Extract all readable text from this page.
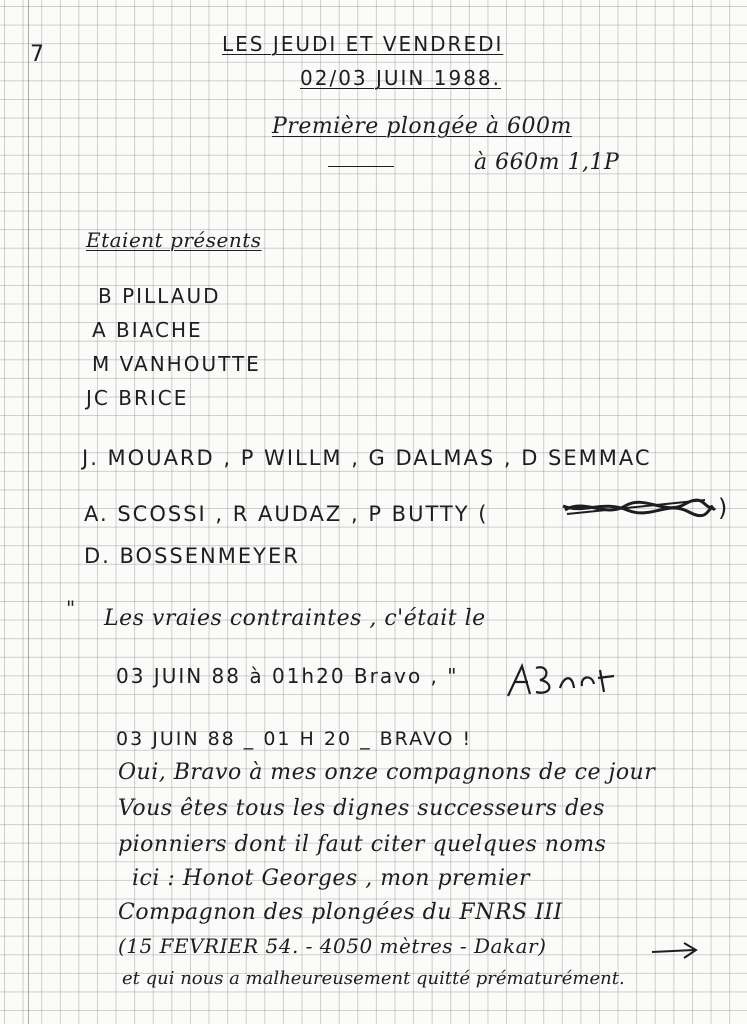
7	LES JEUDI ET VENDREDI
02/03 JUIN 1988.
Première plongée à 600m
à 660m 1,1P
Etaient présents
B PILLAUD
A BIACHE
M VANHOUTTE
JC BRICE
J. MOUARD , P WILLM , G DALMAS , D SEMMAC
A. SCOSSI , R AUDAZ , P BUTTY (	)
D. BOSSENMEYER
" Les vraies contraintes , c'était le
03 JUIN 88 à 01h20 Bravo , "
03 JUIN 88 _ 01 H 20 _ BRAVO !
Oui, Bravo à mes onze compagnons de ce jour
Vous êtes tous les dignes successeurs des
pionniers dont il faut citer quelques noms
ici : Honot Georges , mon premier
Compagnon des plongées du FNRS III
(15 FEVRIER 54. - 4050 mètres - Dakar)
et qui nous a malheureusement quitté prématurément.
